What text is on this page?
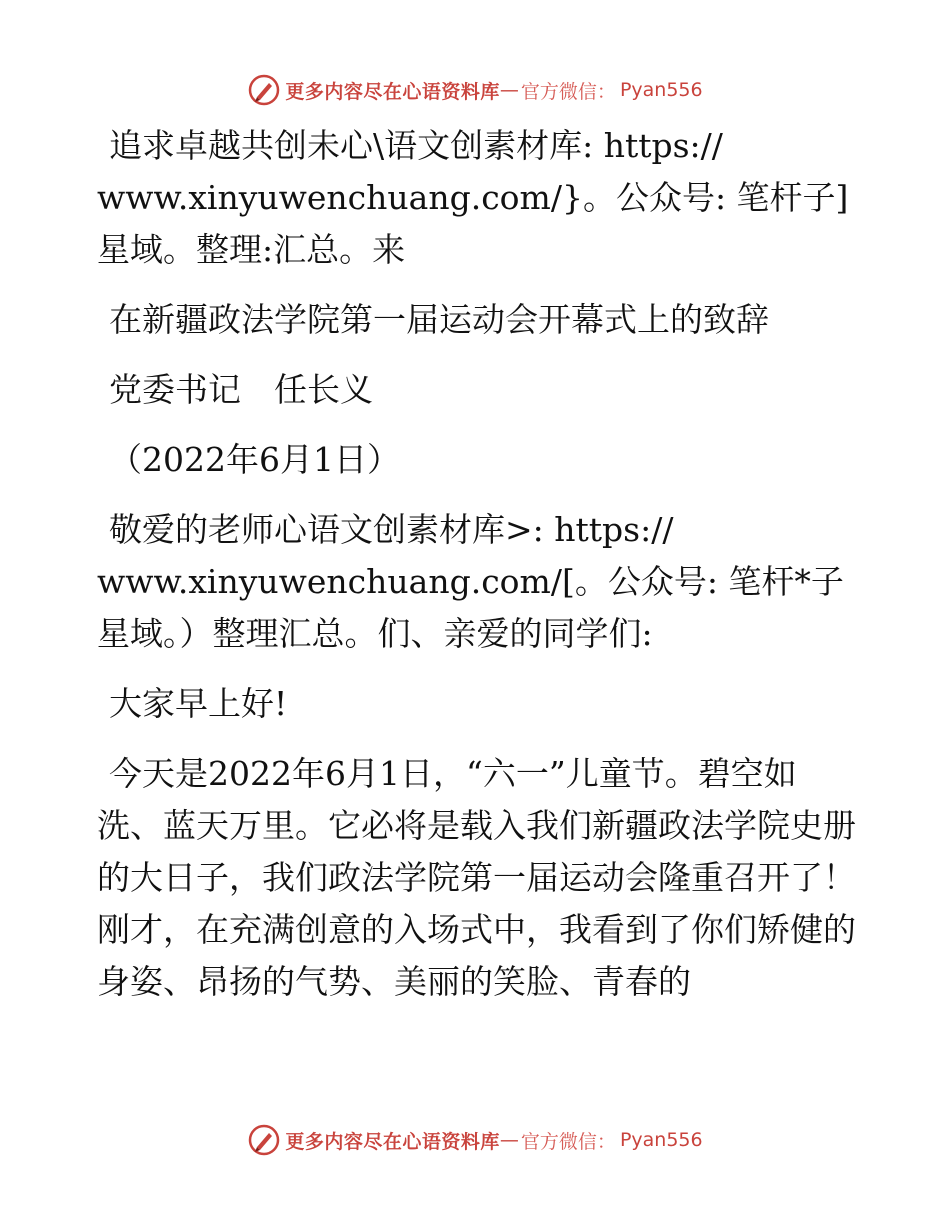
更多内容尽在心语资料库 — 官方微信： Pyan556

追求卓越共创未心\语文创素材库: https:// www.xinyuwenchuang.com/}。公众号: 笔杆子]星域。整理:汇总。来

在新疆政法学院第一届运动会开幕式上的致辞

党委书记　任长义

（2022年6月1日）

敬爱的老师心语文创素材库>: https:// www.xinyuwenchuang.com/[。公众号: 笔杆*子星域。）整理汇总。们、亲爱的同学们:

大家早上好!

今天是2022年6月1日，“六一”儿童节。碧空如洗、蓝天万里。它必将是载入我们新疆政法学院史册的大日子，我们政法学院第一届运动会隆重召开了！刚才，在充满创意的入场式中，我看到了你们矫健的身姿、昂扬的气势、美丽的笑脸、青春的

更多内容尽在心语资料库 — 官方微信： Pyan556
